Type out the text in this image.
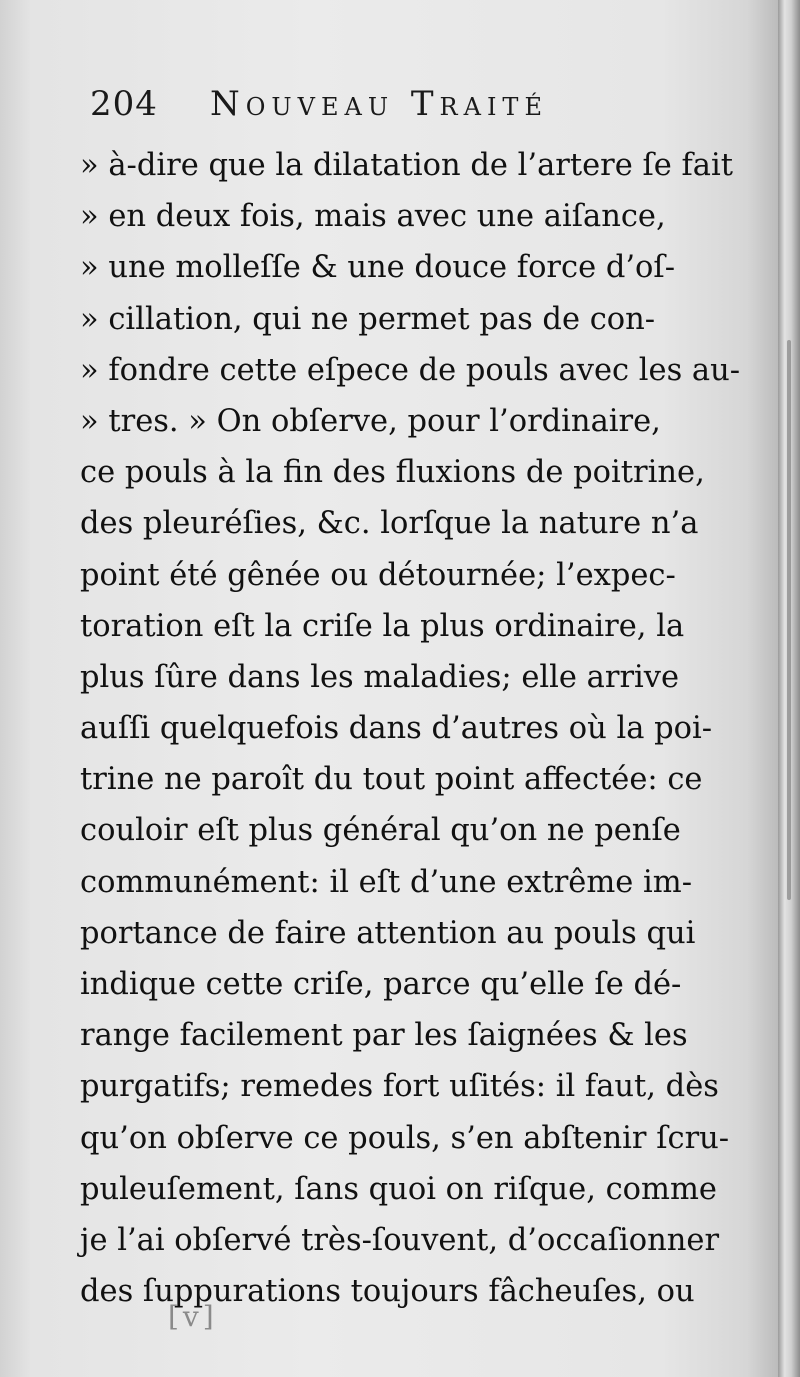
204 Nouveau Traité
» à-dire que la dilatation de l’artere ſe fait
» en deux fois, mais avec une aiſance,
» une molleſſe & une douce force d’oſ-
» cillation, qui ne permet pas de con-
» fondre cette eſpece de pouls avec les au-
» tres. » On obſerve, pour l’ordinaire,
ce pouls à la fin des fluxions de poitrine,
des pleuréſies, &c. lorſque la nature n’a
point été gênée ou détournée; l’expec-
toration eſt la criſe la plus ordinaire, la
plus ſûre dans les maladies; elle arrive
auſſi quelquefois dans d’autres où la poi-
trine ne paroît du tout point affectée: ce
couloir eſt plus général qu’on ne penſe
communément: il eſt d’une extrême im-
portance de faire attention au pouls qui
indique cette criſe, parce qu’elle ſe dé-
range facilement par les ſaignées & les
purgatifs; remedes fort uſités: il faut, dès
qu’on obſerve ce pouls, s’en abſtenir ſcru-
puleuſement, ſans quoi on riſque, comme
je l’ai obſervé très-ſouvent, d’occaſionner
des ſuppurations toujours fâcheuſes, ou
[v]
